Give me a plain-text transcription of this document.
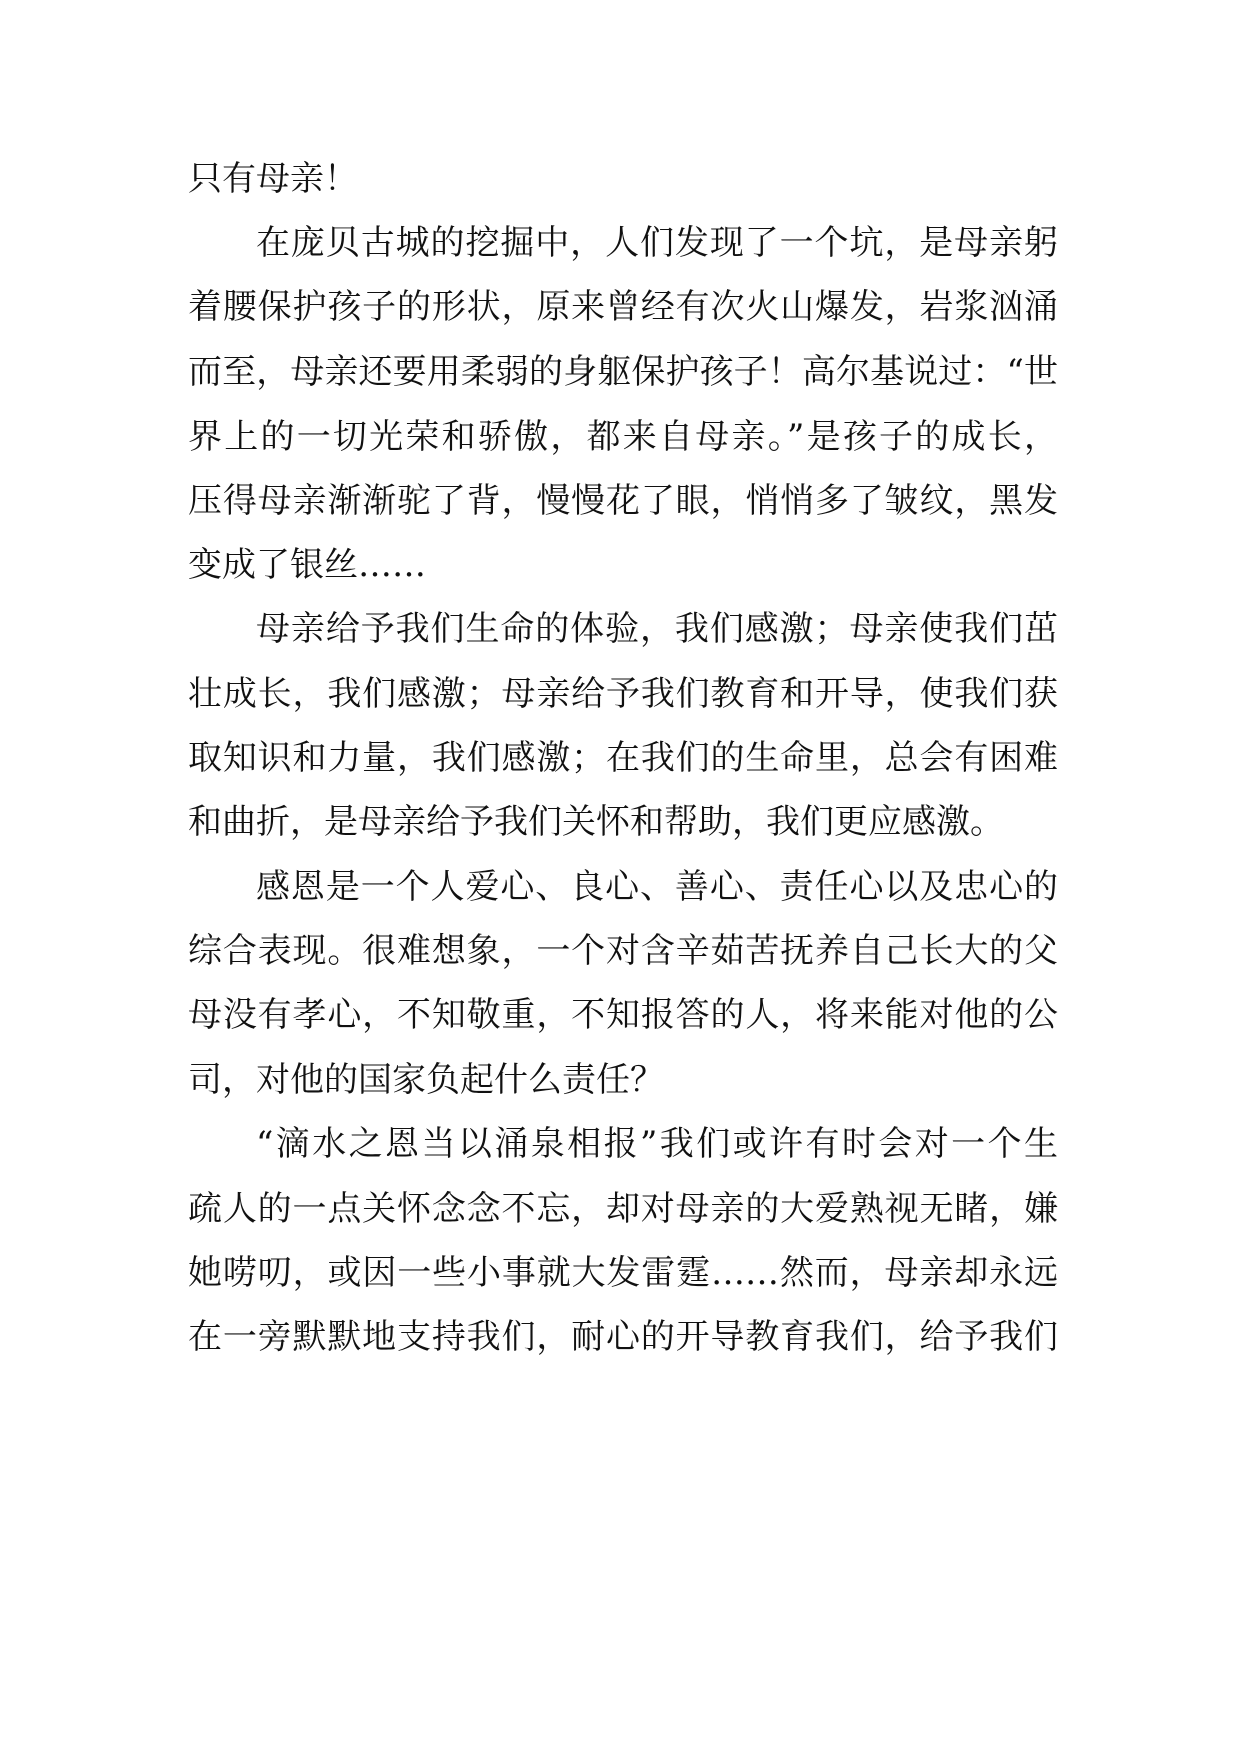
只有母亲！

在庞贝古城的挖掘中，人们发现了一个坑，是母亲躬

着腰保护孩子的形状，原来曾经有次火山爆发，岩浆汹涌

而至，母亲还要用柔弱的身躯保护孩子！高尔基说过：“世

界上的一切光荣和骄傲，都来自母亲。”是孩子的成长，

压得母亲渐渐驼了背，慢慢花了眼，悄悄多了皱纹，黑发

变成了银丝……

母亲给予我们生命的体验，我们感激；母亲使我们茁

壮成长，我们感激；母亲给予我们教育和开导，使我们获

取知识和力量，我们感激；在我们的生命里，总会有困难

和曲折，是母亲给予我们关怀和帮助，我们更应感激。

感恩是一个人爱心、良心、善心、责任心以及忠心的

综合表现。很难想象，一个对含辛茹苦抚养自己长大的父

母没有孝心，不知敬重，不知报答的人，将来能对他的公

司，对他的国家负起什么责任？

“滴水之恩当以涌泉相报”我们或许有时会对一个生

疏人的一点关怀念念不忘，却对母亲的大爱熟视无睹，嫌

她唠叨，或因一些小事就大发雷霆……然而，母亲却永远

在一旁默默地支持我们，耐心的开导教育我们，给予我们
